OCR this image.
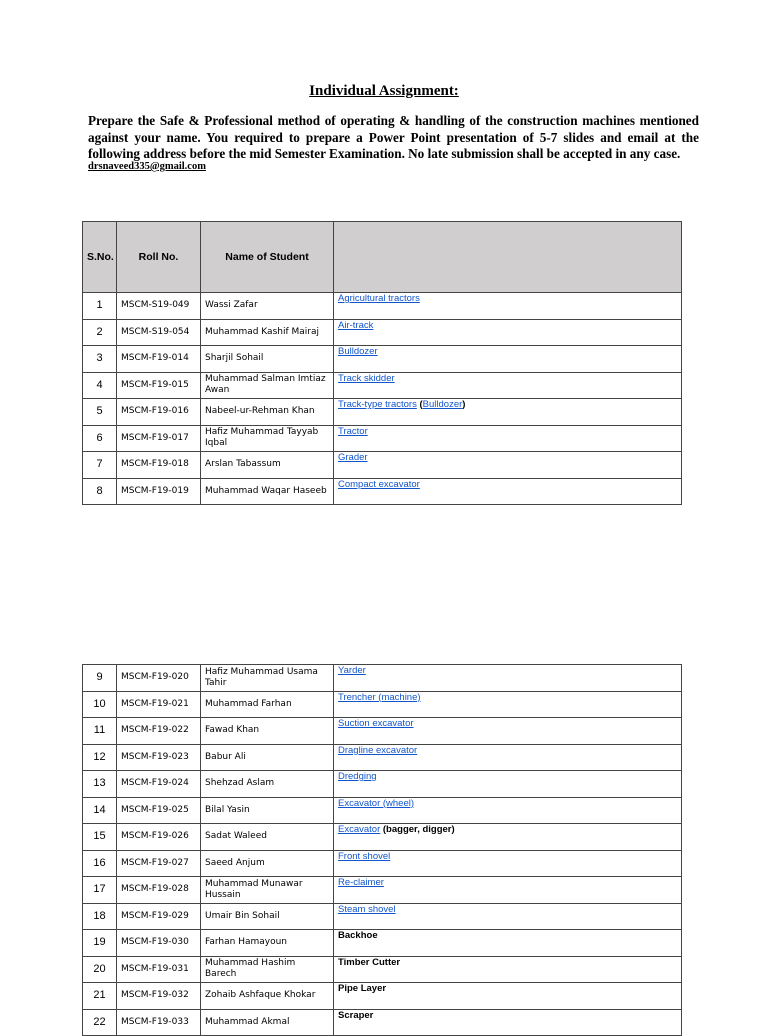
Individual Assignment:
Prepare the Safe & Professional method of operating & handling of the construction machines mentioned against your name. You required to prepare a Power Point presentation of 5-7 slides and email at the following address before the mid Semester Examination. No late submission shall be accepted in any case.
drsnaveed335@gmail.com
S.No.	Roll No.	Name of Student	
1	MSCM-S19-049	Wassi Zafar	Agricultural tractors
2	MSCM-S19-054	Muhammad Kashif Mairaj	Air-track
3	MSCM-F19-014	Sharjil Sohail	Bulldozer
4	MSCM-F19-015	Muhammad Salman Imtiaz Awan	Track skidder
5	MSCM-F19-016	Nabeel-ur-Rehman Khan	Track-type tractors (Bulldozer)
6	MSCM-F19-017	Hafiz Muhammad Tayyab Iqbal	Tractor
7	MSCM-F19-018	Arslan Tabassum	Grader
8	MSCM-F19-019	Muhammad Waqar Haseeb	Compact excavator
9	MSCM-F19-020	Hafiz Muhammad Usama Tahir	Yarder
10	MSCM-F19-021	Muhammad Farhan	Trencher (machine)
11	MSCM-F19-022	Fawad Khan	Suction excavator
12	MSCM-F19-023	Babur Ali	Dragline excavator
13	MSCM-F19-024	Shehzad Aslam	Dredging
14	MSCM-F19-025	Bilal Yasin	Excavator (wheel)
15	MSCM-F19-026	Sadat Waleed	Excavator (bagger, digger)
16	MSCM-F19-027	Saeed Anjum	Front shovel
17	MSCM-F19-028	Muhammad Munawar Hussain	Re-claimer
18	MSCM-F19-029	Umair Bin Sohail	Steam shovel
19	MSCM-F19-030	Farhan Hamayoun	Backhoe
20	MSCM-F19-031	Muhammad Hashim Barech	Timber Cutter
21	MSCM-F19-032	Zohaib Ashfaque Khokar	Pipe Layer
22	MSCM-F19-033	Muhammad Akmal	Scraper
